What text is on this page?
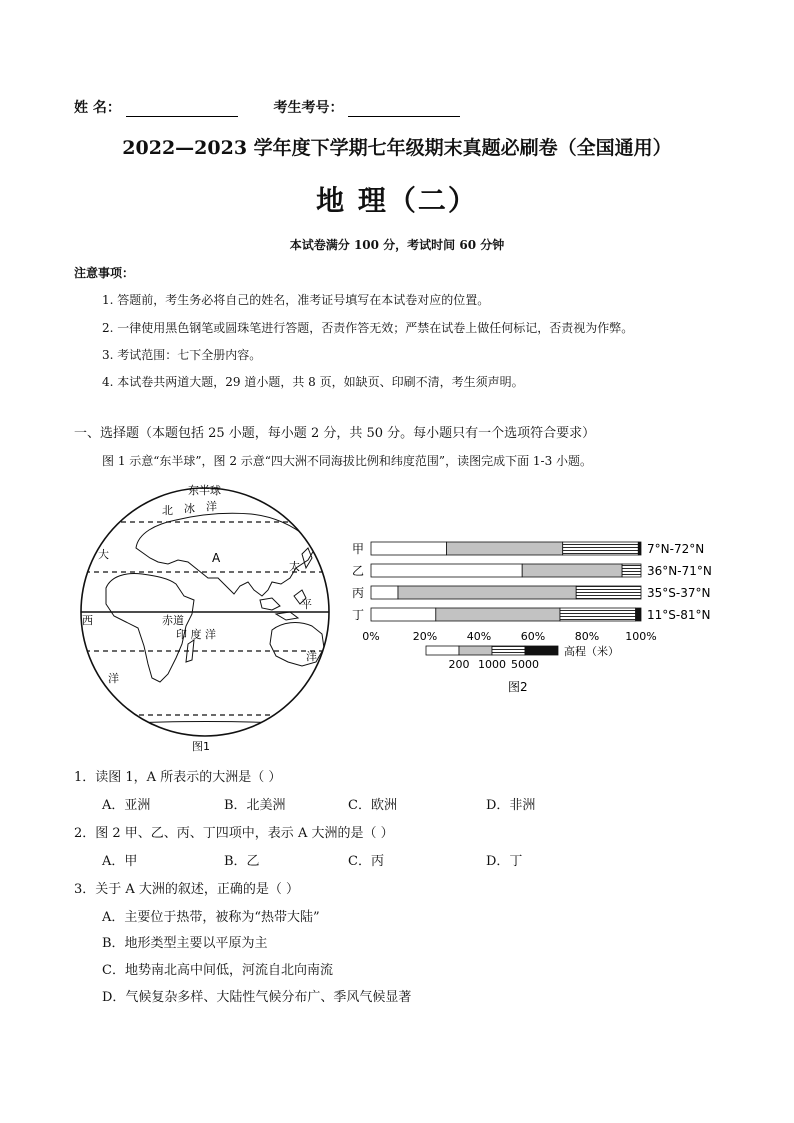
姓 名：	考生考号：
2022—2023 学年度下学期七年级期末真题必刷卷（全国通用）
地 理（二）
本试卷满分 100 分，考试时间 60 分钟
注意事项：
1. 答题前，考生务必将自己的姓名，准考证号填写在本试卷对应的位置。
2. 一律使用黑色钢笔或圆珠笔进行答题，否责作答无效；严禁在试卷上做任何标记，否责视为作弊。
3. 考试范围：七下全册内容。
4. 本试卷共两道大题，29 道小题，共 8 页，如缺页、印刷不清，考生须声明。
一、选择题（本题包括 25 小题，每小题 2 分，共 50 分。每小题只有一个选项符合要求）
图 1 示意“东半球”，图 2 示意“四大洲不同海拔比例和纬度范围”，读图完成下面 1-3 小题。
东半球
北 冰 洋
大	A
太
西	赤道
平
印 度 洋
洋
洋
图1
甲	7°N-72°N
乙	36°N-71°N
丙	35°S-37°N
丁	11°S-81°N
0%	20%	40%	60%	80% 100%
高程（米）
200 1000 5000
图2
1．读图 1，A 所表示的大洲是（ ）
A．亚洲	B．北美洲	C．欧洲	D．非洲
2．图 2 甲、乙、丙、丁四项中，表示 A 大洲的是（ ）
A．甲	B．乙	C．丙	D．丁
3．关于 A 大洲的叙述，正确的是（ ）
A．主要位于热带，被称为“热带大陆”
B．地形类型主要以平原为主
C．地势南北高中间低，河流自北向南流
D．气候复杂多样、大陆性气候分布广、季风气候显著
